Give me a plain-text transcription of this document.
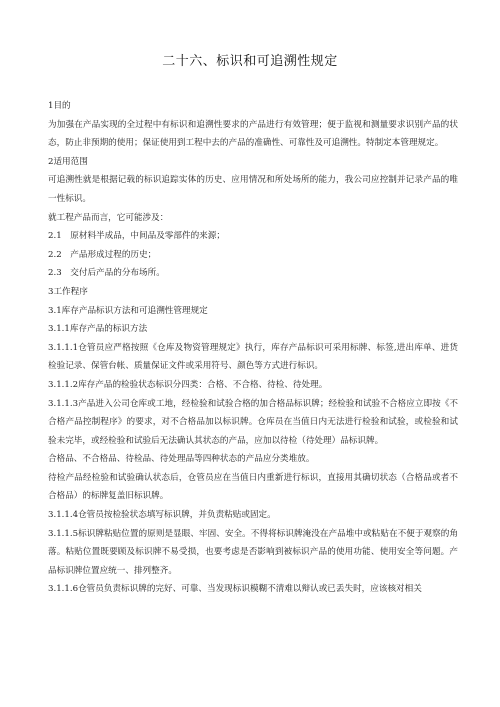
二十六、标识和可追溯性规定

1目的

为加强在产品实现的全过程中有标识和追溯性要求的产品进行有效管理；便于监视和测量要求识别产品的状态，防止非预期的使用；保证使用到工程中去的产品的准确性、可靠性及可追溯性。特制定本管理规定。

2适用范围

可追溯性就是根据记载的标识追踪实体的历史、应用情况和所处场所的能力，我公司应控制并记录产品的唯一性标识。

就工程产品而言，它可能涉及：

2.1　原材料半成品，中间品及零部件的来源；

2.2　产品形成过程的历史；

2.3　交付后产品的分布场所。

3工作程序

3.1库存产品标识方法和可追溯性管理规定

3.1.1库存产品的标识方法

3.1.1.1仓管员应严格按照《仓库及物资管理规定》执行，库存产品标识可采用标牌、标签,进出库单、进货检验记录、保管台帐、质量保证文件或采用符号、颜色等方式进行标识。

3.1.1.2库存产品的检验状态标识分四类：合格、不合格、待检、待处理。

3.1.1.3产品进入公司仓库或工地，经检验和试验合格的加合格品标识牌；经检验和试验不合格应立即按《不合格产品控制程序》的要求，对不合格品加以标识牌。仓库员在当值日内无法进行检验和试验，或检验和试验未完毕，或经检验和试验后无法确认其状态的产品，应加以待检（待处理）品标识牌。

合格品、不合格品、待检品、待处理品等四种状态的产品应分类堆放。

待检产品经检验和试验确认状态后，仓管员应在当值日内重新进行标识，直接用其确切状态（合格品或者不合格品）的标牌复盖旧标识牌。

3.1.1.4仓管员按检验状态填写标识牌，并负责粘贴或固定。

3.1.1.5标识牌粘贴位置的原则是显眼、牢固、安全。不得将标识牌淹没在产品堆中或粘贴在不便于观察的角落。粘贴位置既要顾及标识牌不易受损，也要考虑是否影响到被标识产品的使用功能、使用安全等问题。产品标识牌位置应统一、排列整齐。

3.1.1.6仓管员负责标识牌的完好、可靠、当发现标识模糊不清难以辩认或已丢失时，应该核对相关
